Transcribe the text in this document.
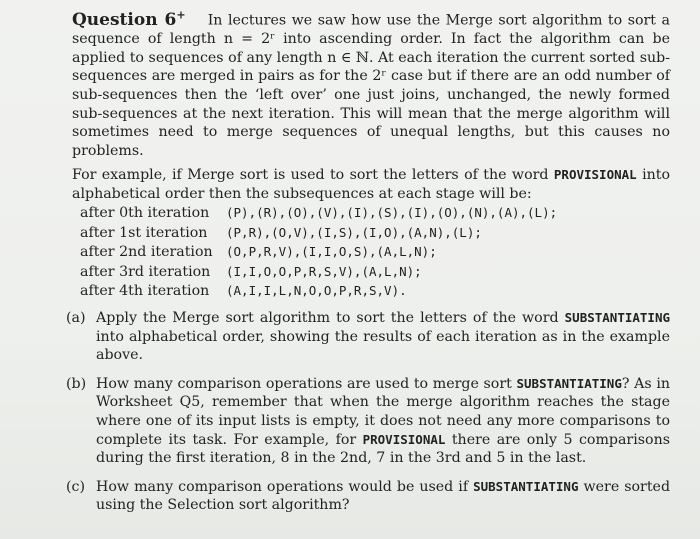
Question 6+ In lectures we saw how use the Merge sort algorithm to sort a sequence of length n = 2ʳ into ascending order. In fact the algorithm can be applied to sequences of any length n ∈ ℕ. At each iteration the current sorted sub-sequences are merged in pairs as for the 2ʳ case but if there are an odd number of sub-sequences then the ‘left over’ one just joins, unchanged, the newly formed sub-sequences at the next iteration. This will mean that the merge algorithm will sometimes need to merge sequences of unequal lengths, but this causes no problems.

For example, if Merge sort is used to sort the letters of the word PROVISIONAL into alphabetical order then the subsequences at each stage will be:

after 0th iteration	(P),(R),(O),(V),(I),(S),(I),(O),(N),(A),(L);
after 1st iteration	(P,R),(O,V),(I,S),(I,O),(A,N),(L);
after 2nd iteration	(O,P,R,V),(I,I,O,S),(A,L,N);
after 3rd iteration	(I,I,O,O,P,R,S,V),(A,L,N);
after 4th iteration	(A,I,I,L,N,O,O,P,R,S,V).
(a) Apply the Merge sort algorithm to sort the letters of the word SUBSTANTIATING into alphabetical order, showing the results of each iteration as in the example above.
(b) How many comparison operations are used to merge sort SUBSTANTIATING? As in Worksheet Q5, remember that when the merge algorithm reaches the stage where one of its input lists is empty, it does not need any more comparisons to complete its task. For example, for PROVISIONAL there are only 5 comparisons during the first iteration, 8 in the 2nd, 7 in the 3rd and 5 in the last.
(c) How many comparison operations would be used if SUBSTANTIATING were sorted using the Selection sort algorithm?
